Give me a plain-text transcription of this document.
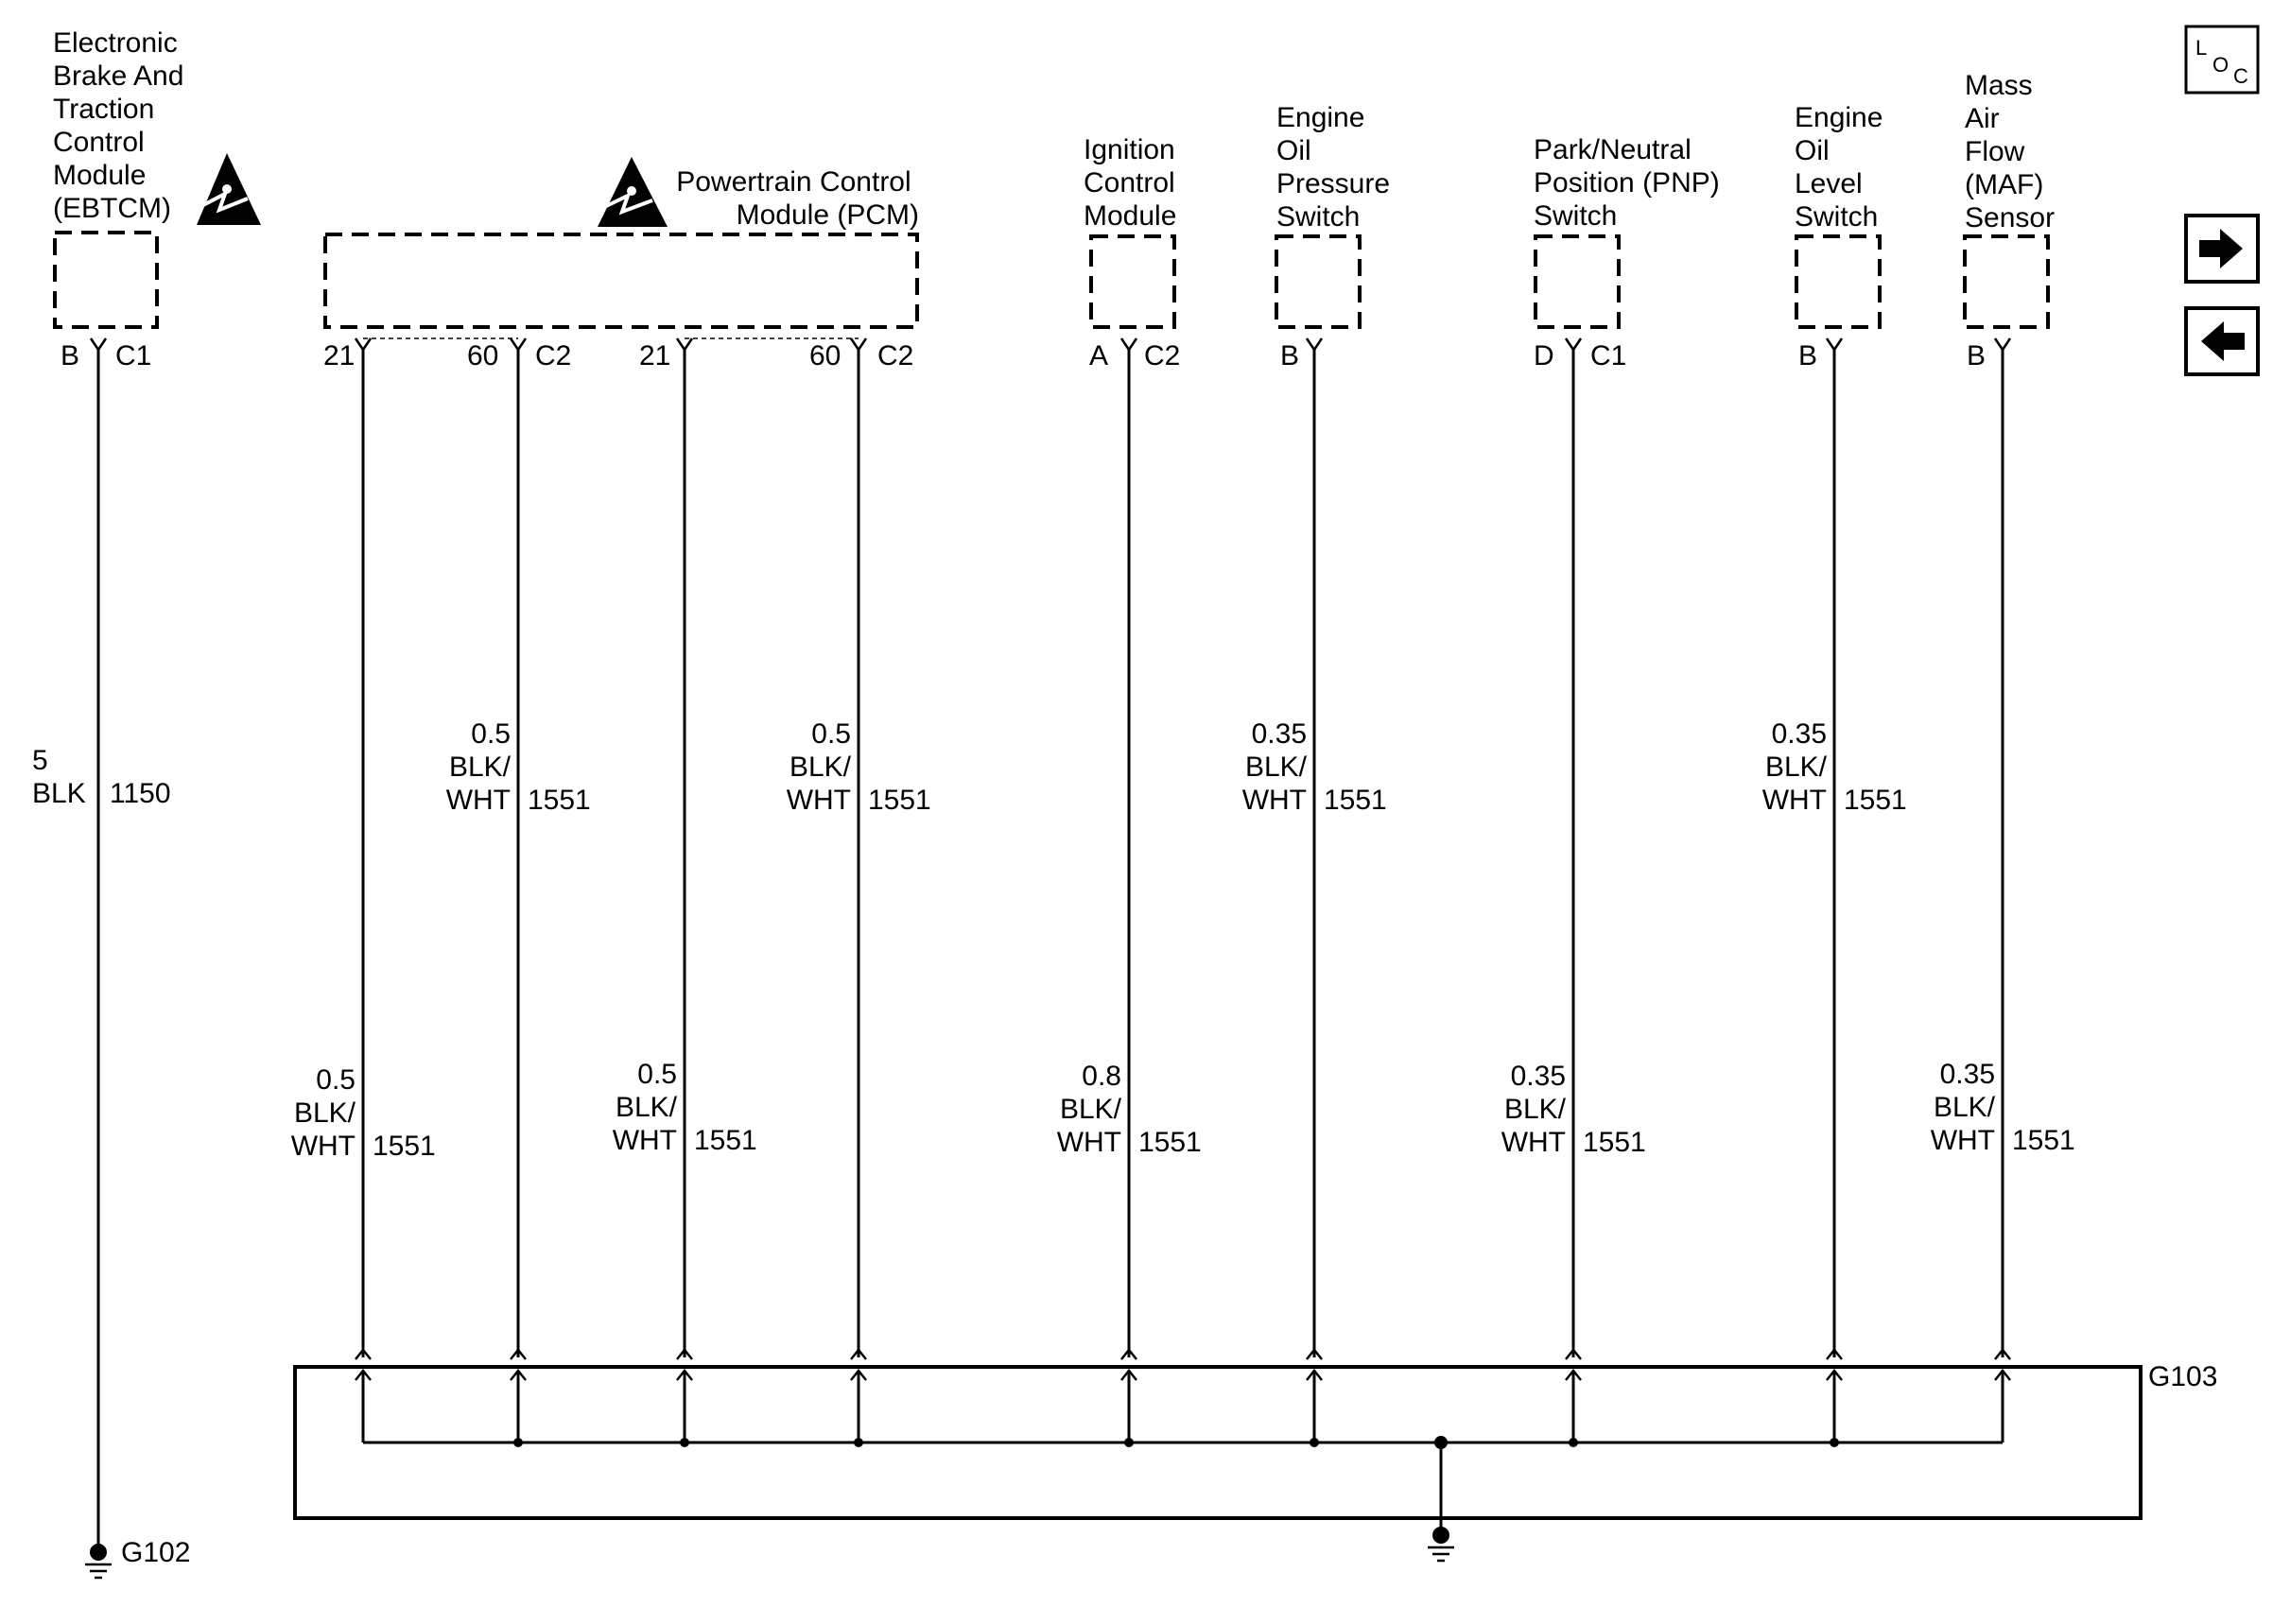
Electronic Brake And Traction Control Module (EBTCM)
B C1
5 BLK 1150
G102
Powertrain Control Module (PCM)
Ignition Control Module
Engine Oil Pressure Switch
Park/Neutral Position (PNP) Switch
Engine Oil Level Switch
Mass Air Flow (MAF) Sensor
21	60 C2 21	60 C2	A C2	B	D C1	B	B
0.5
BLK/
WHT 1551
0.5
BLK/
WHT 1551
0.5
BLK/
WHT 1551
0.5
BLK/
WHT 1551
0.8
BLK/
WHT 1551
0.35
BLK/
WHT 1551
0.35
BLK/
WHT 1551
0.35
BLK/
WHT 1551
0.35
BLK/
WHT 1551
G103
L
O C
